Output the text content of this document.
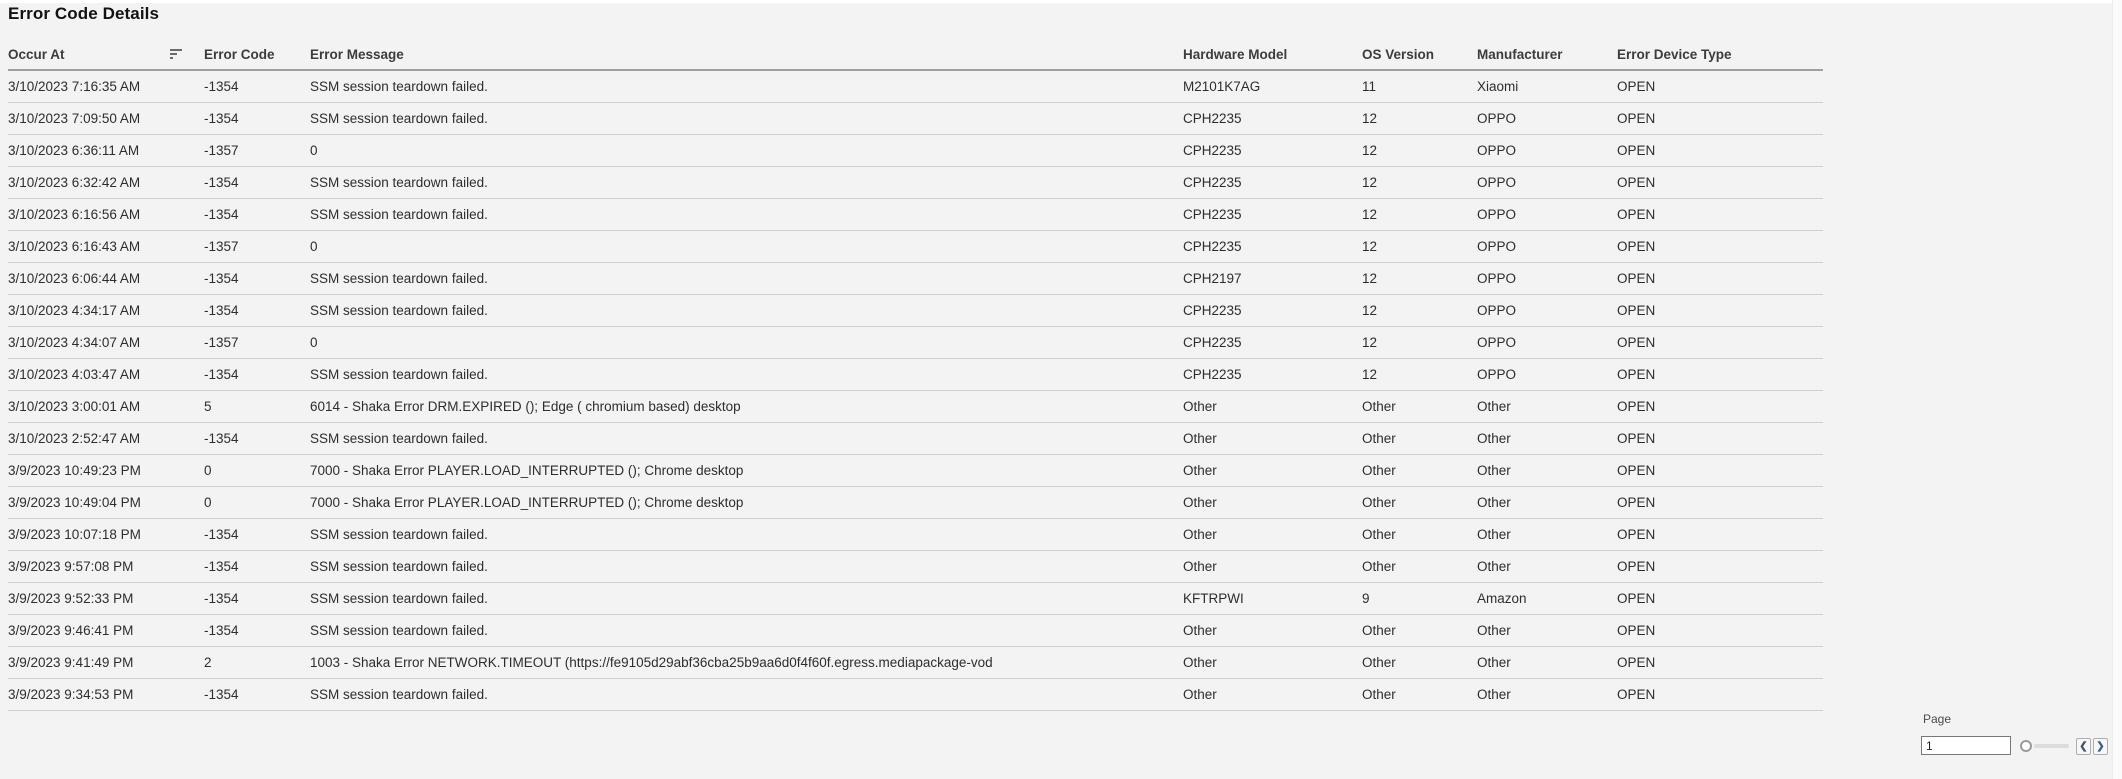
Error Code Details
Occur At	Error Code	Error Message	Hardware Model	OS Version	Manufacturer	Error Device Type
3/10/2023 7:16:35 AM	-1354	SSM session teardown failed.	M2101K7AG	11	Xiaomi	OPEN
3/10/2023 7:09:50 AM	-1354	SSM session teardown failed.	CPH2235	12	OPPO	OPEN
3/10/2023 6:36:11 AM	-1357	0	CPH2235	12	OPPO	OPEN
3/10/2023 6:32:42 AM	-1354	SSM session teardown failed.	CPH2235	12	OPPO	OPEN
3/10/2023 6:16:56 AM	-1354	SSM session teardown failed.	CPH2235	12	OPPO	OPEN
3/10/2023 6:16:43 AM	-1357	0	CPH2235	12	OPPO	OPEN
3/10/2023 6:06:44 AM	-1354	SSM session teardown failed.	CPH2197	12	OPPO	OPEN
3/10/2023 4:34:17 AM	-1354	SSM session teardown failed.	CPH2235	12	OPPO	OPEN
3/10/2023 4:34:07 AM	-1357	0	CPH2235	12	OPPO	OPEN
3/10/2023 4:03:47 AM	-1354	SSM session teardown failed.	CPH2235	12	OPPO	OPEN
3/10/2023 3:00:01 AM	5	6014 - Shaka Error DRM.EXPIRED (); Edge ( chromium based) desktop	Other	Other	Other	OPEN
3/10/2023 2:52:47 AM	-1354	SSM session teardown failed.	Other	Other	Other	OPEN
3/9/2023 10:49:23 PM	0	7000 - Shaka Error PLAYER.LOAD_INTERRUPTED (); Chrome desktop	Other	Other	Other	OPEN
3/9/2023 10:49:04 PM	0	7000 - Shaka Error PLAYER.LOAD_INTERRUPTED (); Chrome desktop	Other	Other	Other	OPEN
3/9/2023 10:07:18 PM	-1354	SSM session teardown failed.	Other	Other	Other	OPEN
3/9/2023 9:57:08 PM	-1354	SSM session teardown failed.	Other	Other	Other	OPEN
3/9/2023 9:52:33 PM	-1354	SSM session teardown failed.	KFTRPWI	9	Amazon	OPEN
3/9/2023 9:46:41 PM	-1354	SSM session teardown failed.	Other	Other	Other	OPEN
3/9/2023 9:41:49 PM	2	1003 - Shaka Error NETWORK.TIMEOUT (https://fe9105d29abf36cba25b9aa6d0f4f60f.egress.mediapackage-vod	Other	Other	Other	OPEN
3/9/2023 9:34:53 PM	-1354	SSM session teardown failed.	Other	Other	Other	OPEN
Page
1
❮ ❯
